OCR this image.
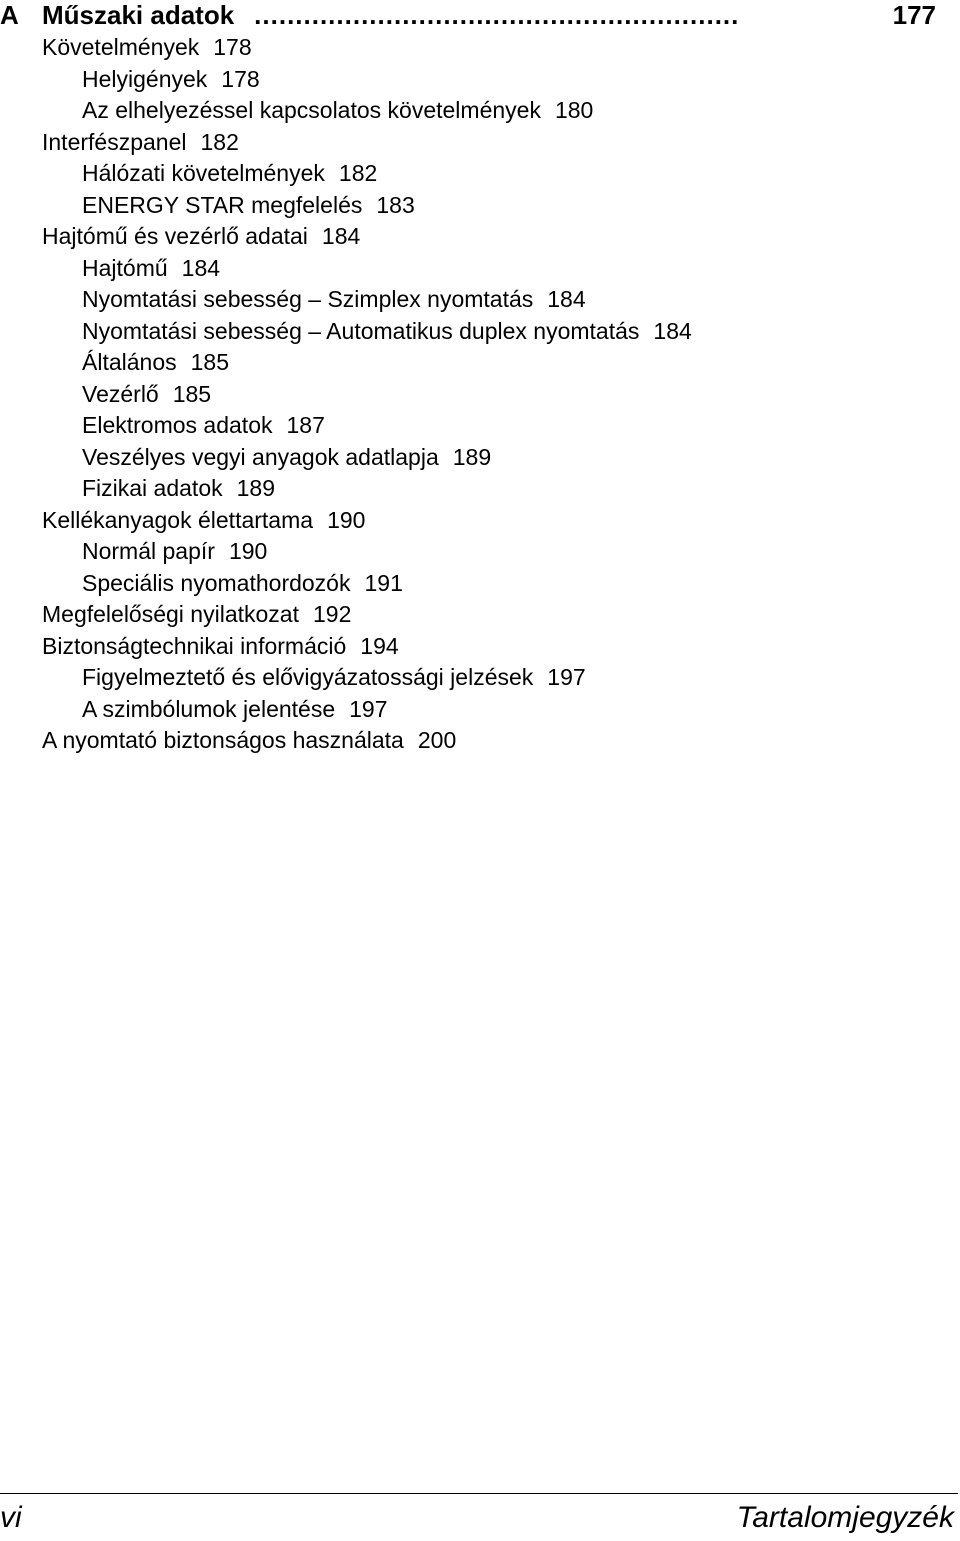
A Műszaki adatok ...........................................................	177
Követelmények 178
Helyigények 178
Az elhelyezéssel kapcsolatos követelmények 180
Interfészpanel 182
Hálózati követelmények 182
ENERGY STAR megfelelés 183
Hajtómű és vezérlő adatai 184
Hajtómű 184
Nyomtatási sebesség – Szimplex nyomtatás 184
Nyomtatási sebesség – Automatikus duplex nyomtatás 184
Általános 185
Vezérlő 185
Elektromos adatok 187
Veszélyes vegyi anyagok adatlapja 189
Fizikai adatok 189
Kellékanyagok élettartama 190
Normál papír 190
Speciális nyomathordozók 191
Megfelelőségi nyilatkozat 192
Biztonságtechnikai információ 194
Figyelmeztető és elővigyázatossági jelzések 197
A szimbólumok jelentése 197
A nyomtató biztonságos használata 200
vi	Tartalomjegyzék
